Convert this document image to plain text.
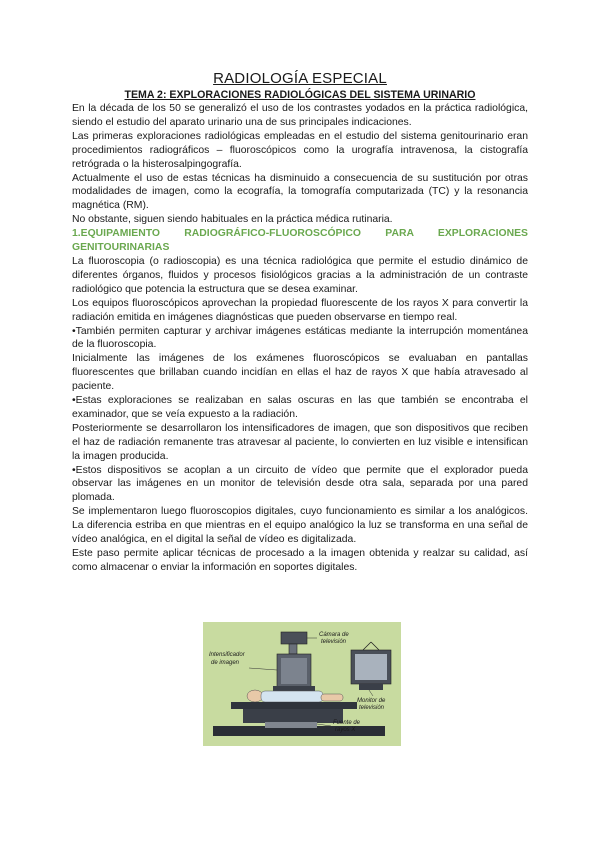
RADIOLOGÍA ESPECIAL
TEMA 2: EXPLORACIONES RADIOLÓGICAS DEL SISTEMA URINARIO

En la década de los 50 se generalizó el uso de los contrastes yodados en la práctica radiológica, siendo el estudio del aparato urinario una de sus principales indicaciones.

Las primeras exploraciones radiológicas empleadas en el estudio del sistema genitourinario eran procedimientos radiográficos – fluoroscópicos como la urografía intravenosa, la cistografía retrógrada o la histerosalpingografía.

Actualmente el uso de estas técnicas ha disminuido a consecuencia de su sustitución por otras modalidades de imagen, como la ecografía, la tomografía computarizada (TC) y la resonancia magnética (RM).

No obstante, siguen siendo habituales en la práctica médica rutinaria.

1.EQUIPAMIENTO RADIOGRÁFICO-FLUOROSCÓPICO PARA EXPLORACIONES GENITOURINARIAS

La fluoroscopia (o radioscopia) es una técnica radiológica que permite el estudio dinámico de diferentes órganos, fluidos y procesos fisiológicos gracias a la administración de un contraste radiológico que potencia la estructura que se desea examinar.

Los equipos fluoroscópicos aprovechan la propiedad fluorescente de los rayos X para convertir la radiación emitida en imágenes diagnósticas que pueden observarse en tiempo real.

•También permiten capturar y archivar imágenes estáticas mediante la interrupción momentánea de la fluoroscopia.

Inicialmente las imágenes de los exámenes fluoroscópicos se evaluaban en pantallas fluorescentes que brillaban cuando incidían en ellas el haz de rayos X que había atravesado al paciente.

•Estas exploraciones se realizaban en salas oscuras en las que también se encontraba el examinador, que se veía expuesto a la radiación.

Posteriormente se desarrollaron los intensificadores de imagen, que son dispositivos que reciben el haz de radiación remanente tras atravesar al paciente, lo convierten en luz visible e intensifican la imagen producida.

•Estos dispositivos se acoplan a un circuito de vídeo que permite que el explorador pueda observar las imágenes en un monitor de televisión desde otra sala, separada por una pared plomada.

Se implementaron luego fluoroscopios digitales, cuyo funcionamiento es similar a los analógicos. La diferencia estriba en que mientras en el equipo analógico la luz se transforma en una señal de vídeo analógica, en el digital la señal de vídeo es digitalizada.

Este paso permite aplicar técnicas de procesado a la imagen obtenida y realzar su calidad, así como almacenar o enviar la información en soportes digitales.

Intensificador
de imagen
Cámara de
televisión
Monitor de
televisión
Fuente de
rayos X
